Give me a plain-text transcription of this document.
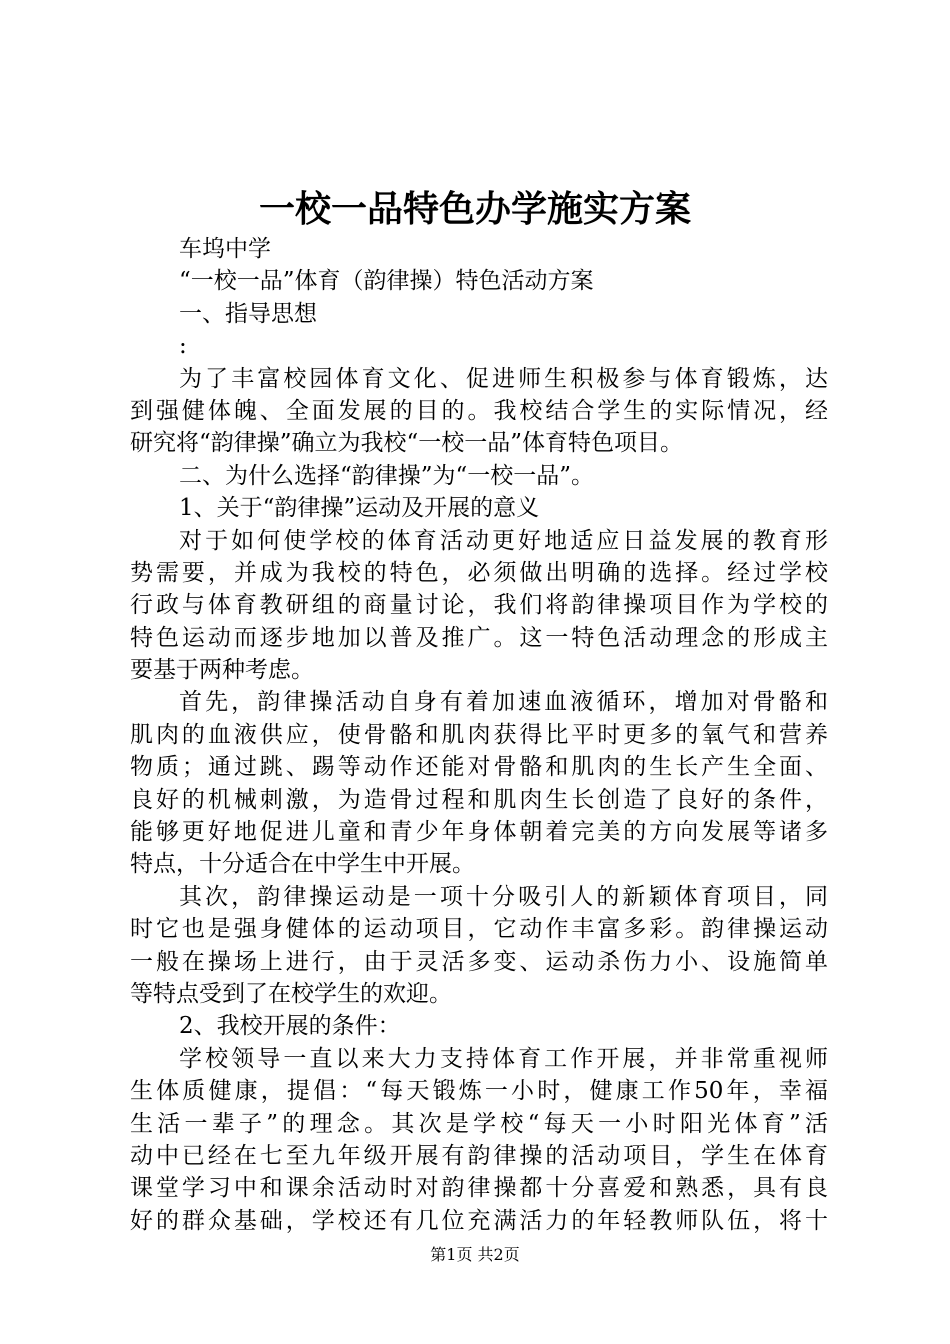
一校一品特色办学施实方案
车坞中学
“一校一品”体育（韵律操）特色活动方案
一、指导思想
:
为了丰富校园体育文化、促进师生积极参与体育锻炼，达
到强健体魄、全面发展的目的。我校结合学生的实际情况，经
研究将“韵律操”确立为我校“一校一品”体育特色项目。
二、为什么选择“韵律操”为“一校一品”。
1、关于“韵律操”运动及开展的意义
对于如何使学校的体育活动更好地适应日益发展的教育形
势需要，并成为我校的特色，必须做出明确的选择。经过学校
行政与体育教研组的商量讨论，我们将韵律操项目作为学校的
特色运动而逐步地加以普及推广。这一特色活动理念的形成主
要基于两种考虑。
首先，韵律操活动自身有着加速血液循环，增加对骨骼和
肌肉的血液供应，使骨骼和肌肉获得比平时更多的氧气和营养
物质；通过跳、踢等动作还能对骨骼和肌肉的生长产生全面、
良好的机械刺激，为造骨过程和肌肉生长创造了良好的条件，
能够更好地促进儿童和青少年身体朝着完美的方向发展等诸多
特点，十分适合在中学生中开展。
其次，韵律操运动是一项十分吸引人的新颖体育项目，同
时它也是强身健体的运动项目，它动作丰富多彩。韵律操运动
一般在操场上进行，由于灵活多变、运动杀伤力小、设施简单
等特点受到了在校学生的欢迎。
2、我校开展的条件：
学校领导一直以来大力支持体育工作开展，并非常重视师
生体质健康，提倡：“每天锻炼一小时，健康工作50年，幸福
生活一辈子”的理念。其次是学校“每天一小时阳光体育”活
动中已经在七至九年级开展有韵律操的活动项目，学生在体育
课堂学习中和课余活动时对韵律操都十分喜爱和熟悉，具有良
好的群众基础，学校还有几位充满活力的年轻教师队伍，将十
第1页 共2页
